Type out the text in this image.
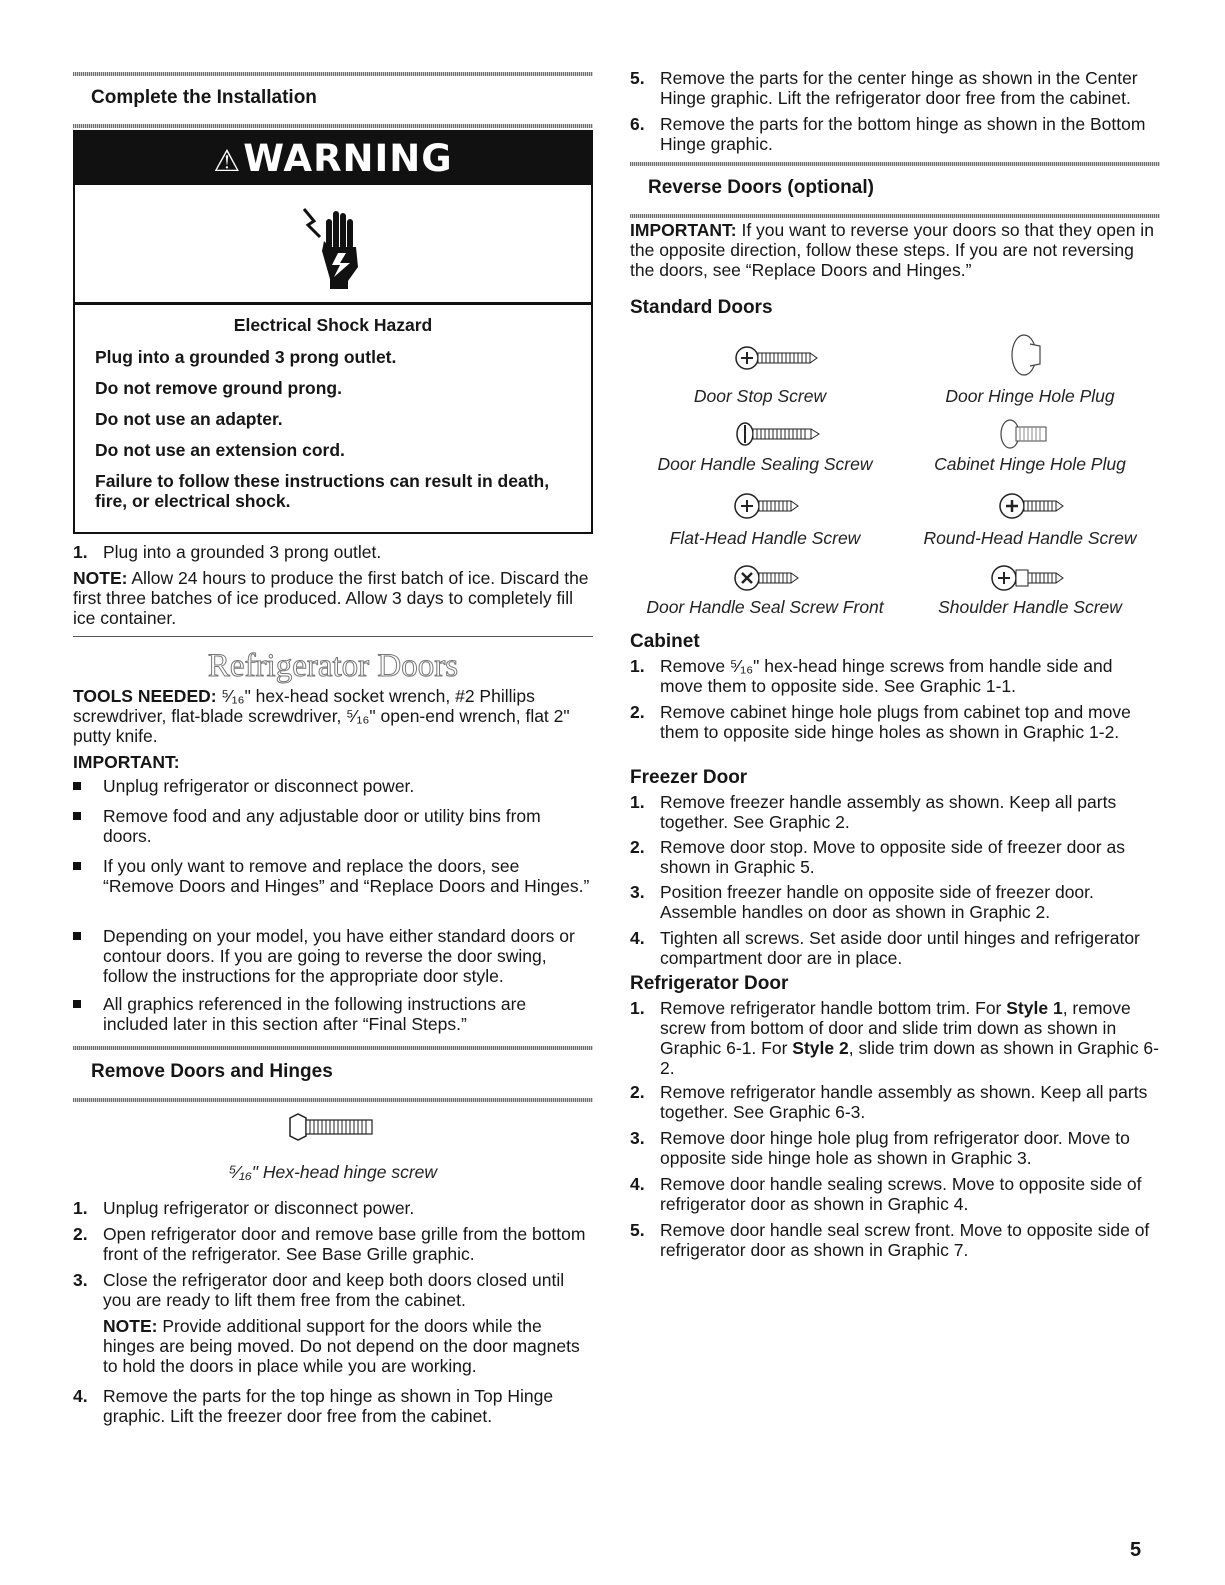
Complete the Installation
⚠WARNING
Electrical Shock Hazard

Plug into a grounded 3 prong outlet.

Do not remove ground prong.

Do not use an adapter.

Do not use an extension cord.

Failure to follow these instructions can result in death, fire, or electrical shock.

1. Plug into a grounded 3 prong outlet.
NOTE: Allow 24 hours to produce the first batch of ice. Discard the first three batches of ice produced. Allow 3 days to completely fill ice container.
Refrigerator Doors
TOOLS NEEDED: ⁵⁄₁₆" hex-head socket wrench, #2 Phillips screwdriver, flat-blade screwdriver, ⁵⁄₁₆" open-end wrench, flat 2" putty knife.
IMPORTANT:
Unplug refrigerator or disconnect power.
Remove food and any adjustable door or utility bins from doors.
If you only want to remove and replace the doors, see “Remove Doors and Hinges” and “Replace Doors and Hinges.”
Depending on your model, you have either standard doors or contour doors. If you are going to reverse the door swing, follow the instructions for the appropriate door style.
All graphics referenced in the following instructions are included later in this section after “Final Steps.”
Remove Doors and Hinges
⁵⁄₁₆" Hex-head hinge screw
1. Unplug refrigerator or disconnect power.
2. Open refrigerator door and remove base grille from the bottom front of the refrigerator. See Base Grille graphic.
3. Close the refrigerator door and keep both doors closed until you are ready to lift them free from the cabinet.
NOTE: Provide additional support for the doors while the hinges are being moved. Do not depend on the door magnets to hold the doors in place while you are working.
4. Remove the parts for the top hinge as shown in Top Hinge graphic. Lift the freezer door free from the cabinet.
5. Remove the parts for the center hinge as shown in the Center Hinge graphic. Lift the refrigerator door free from the cabinet.
6. Remove the parts for the bottom hinge as shown in the Bottom Hinge graphic.
Reverse Doors (optional)
IMPORTANT: If you want to reverse your doors so that they open in the opposite direction, follow these steps. If you are not reversing the doors, see “Replace Doors and Hinges.”
Standard Doors
Door Stop Screw	Door Hinge Hole Plug
Door Handle Sealing Screw	Cabinet Hinge Hole Plug
Flat-Head Handle Screw	Round-Head Handle Screw
Door Handle Seal Screw Front	Shoulder Handle Screw
Cabinet
1. Remove ⁵⁄₁₆" hex-head hinge screws from handle side and move them to opposite side. See Graphic 1-1.
2. Remove cabinet hinge hole plugs from cabinet top and move them to opposite side hinge holes as shown in Graphic 1-2.
Freezer Door
1. Remove freezer handle assembly as shown. Keep all parts together. See Graphic 2.
2. Remove door stop. Move to opposite side of freezer door as shown in Graphic 5.
3. Position freezer handle on opposite side of freezer door. Assemble handles on door as shown in Graphic 2.
4. Tighten all screws. Set aside door until hinges and refrigerator compartment door are in place.
Refrigerator Door
1. Remove refrigerator handle bottom trim. For Style 1, remove screw from bottom of door and slide trim down as shown in Graphic 6-1. For Style 2, slide trim down as shown in Graphic 6-2.
2. Remove refrigerator handle assembly as shown. Keep all parts together. See Graphic 6-3.
3. Remove door hinge hole plug from refrigerator door. Move to opposite side hinge hole as shown in Graphic 3.
4. Remove door handle sealing screws. Move to opposite side of refrigerator door as shown in Graphic 4.
5. Remove door handle seal screw front. Move to opposite side of refrigerator door as shown in Graphic 7.
5
